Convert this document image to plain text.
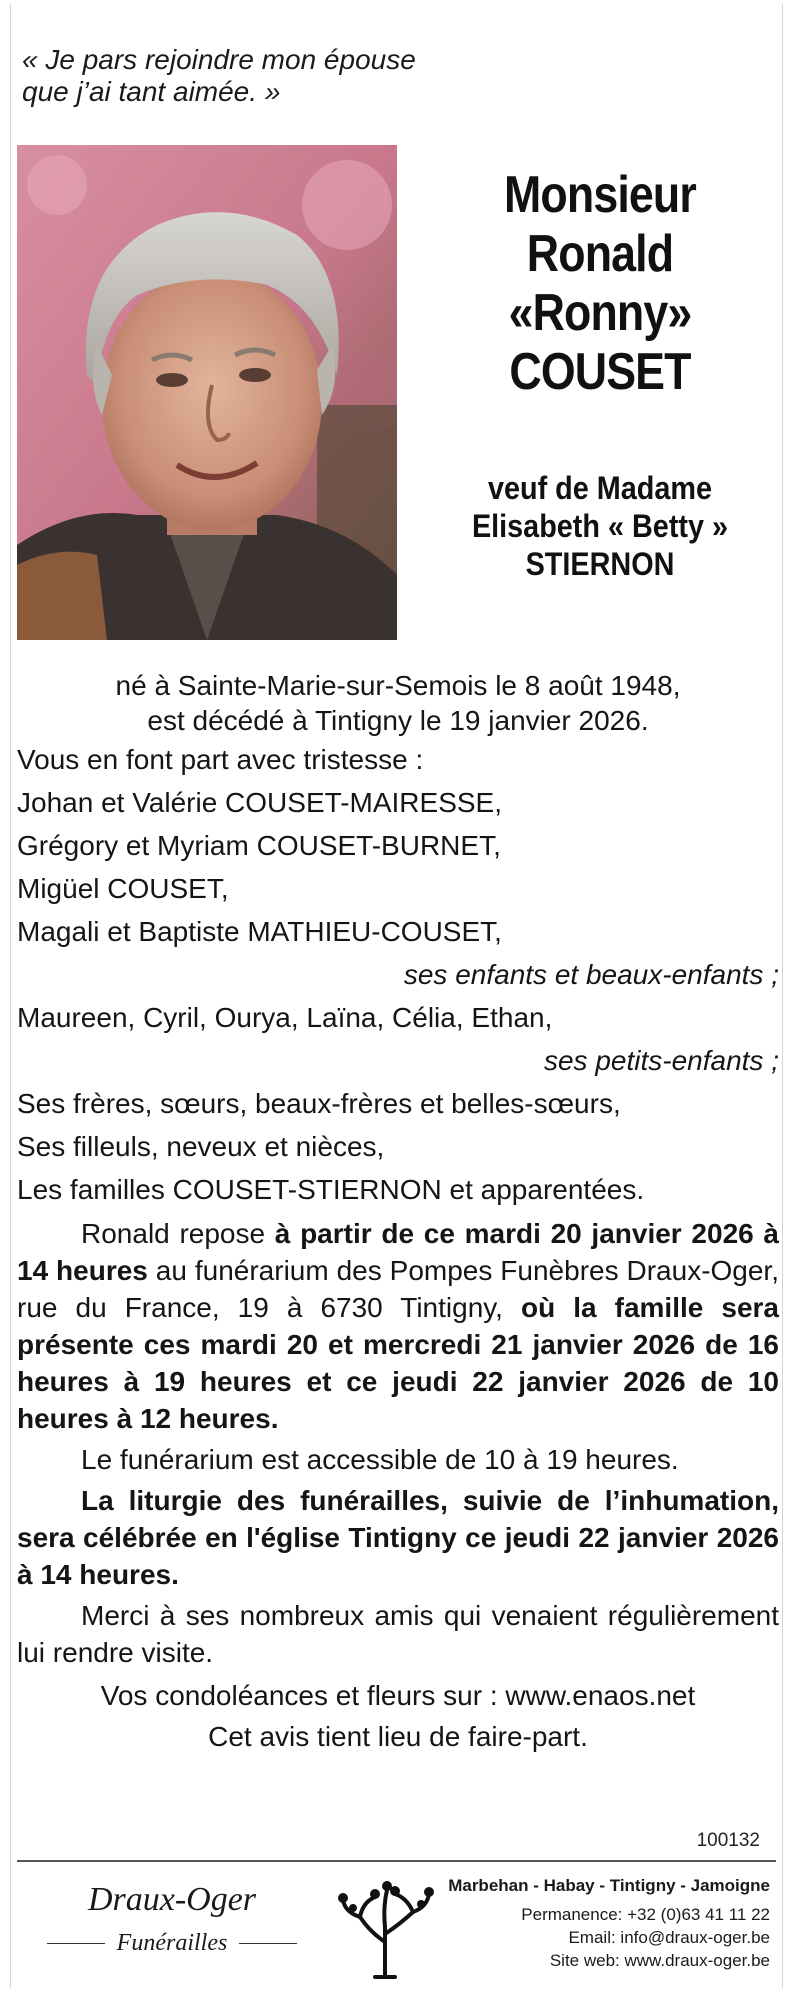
« Je pars rejoindre mon épouse
que j’ai tant aimée. »
Monsieur
Ronald
«Ronny»
COUSET
veuf de Madame
Elisabeth « Betty »
STIERNON
né à Sainte-Marie-sur-Semois le 8 août 1948,
est décédé à Tintigny le 19 janvier 2026.
Vous en font part avec tristesse :
Johan et Valérie COUSET-MAIRESSE,
Grégory et Myriam COUSET-BURNET,
Migüel COUSET,
Magali et Baptiste MATHIEU-COUSET,
ses enfants et beaux-enfants ;
Maureen, Cyril, Ourya, Laïna, Célia, Ethan,
ses petits-enfants ;
Ses frères, sœurs, beaux-frères et belles-sœurs,
Ses filleuls, neveux et nièces,
Les familles COUSET-STIERNON et apparentées.
Ronald repose à partir de ce mardi 20 janvier 2026 à 14 heures au funérarium des Pompes Funèbres Draux-Oger, rue du France, 19 à 6730 Tintigny, où la famille sera présente ces mardi 20 et mercredi 21 janvier 2026 de 16 heures à 19 heures et ce jeudi 22 janvier 2026 de 10 heures à 12 heures.
Le funérarium est accessible de 10 à 19 heures.
La liturgie des funérailles, suivie de l’inhumation, sera célébrée en l'église Tintigny ce jeudi 22 janvier 2026 à 14 heures.
Merci à ses nombreux amis qui venaient régulièrement lui rendre visite.
Vos condoléances et fleurs sur : www.enaos.net
Cet avis tient lieu de faire-part.
100132
Draux-Oger
Funérailles
Marbehan - Habay - Tintigny - Jamoigne
Permanence: +32 (0)63 41 11 22
Email: info@draux-oger.be
Site web: www.draux-oger.be
